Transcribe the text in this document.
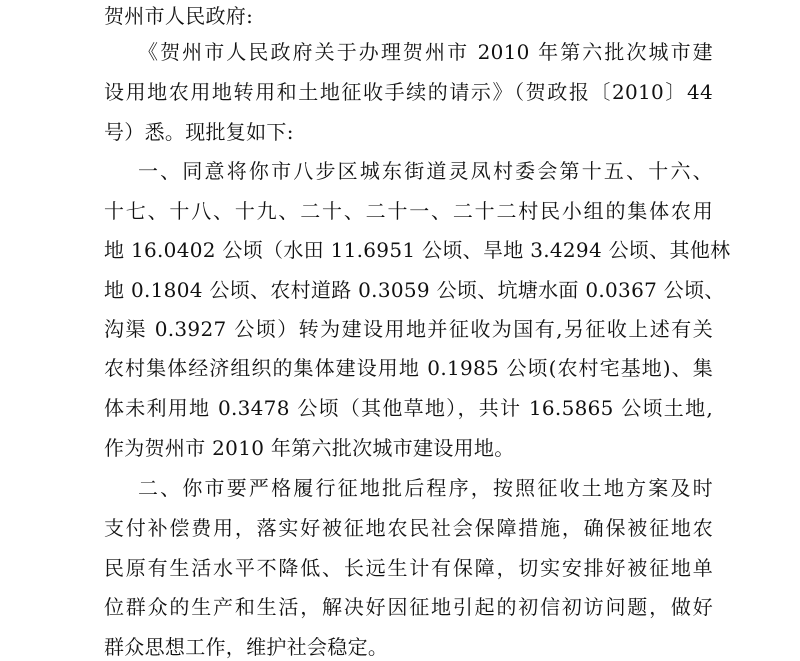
贺州市人民政府:
《贺州市人民政府关于办理贺州市 2010 年第六批次城市建
设用地农用地转用和土地征收手续的请示》（贺政报〔2010〕44
号）悉。现批复如下:
一、同意将你市八步区城东街道灵凤村委会第十五、十六、
十七、十八、十九、二十、二十一、二十二村民小组的集体农用
地 16.0402 公顷（水田 11.6951 公顷、旱地 3.4294 公顷、其他林
地 0.1804 公顷、农村道路 0.3059 公顷、坑塘水面 0.0367 公顷、
沟渠 0.3927 公顷）转为建设用地并征收为国有,另征收上述有关
农村集体经济组织的集体建设用地 0.1985 公顷(农村宅基地)、集
体未利用地 0.3478 公顷（其他草地），共计 16.5865 公顷土地,
作为贺州市 2010 年第六批次城市建设用地。
二、你市要严格履行征地批后程序，按照征收土地方案及时
支付补偿费用，落实好被征地农民社会保障措施，确保被征地农
民原有生活水平不降低、长远生计有保障，切实安排好被征地单
位群众的生产和生活，解决好因征地引起的初信初访问题，做好
群众思想工作，维护社会稳定。
